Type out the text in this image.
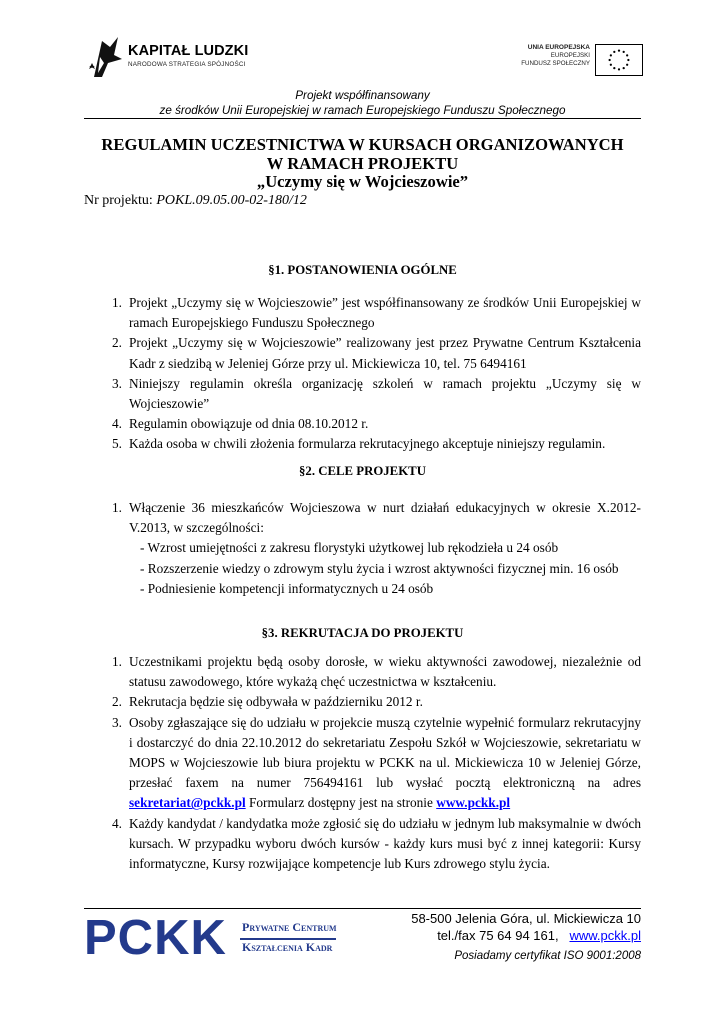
KAPITAŁ LUDZKI
NARODOWA STRATEGIA SPÓJNOŚCI
UNIA EUROPEJSKA
EUROPEJSKI
FUNDUSZ SPOŁECZNY
Projekt współfinansowany
ze środków Unii Europejskiej w ramach Europejskiego Funduszu Społecznego
REGULAMIN UCZESTNICTWA W KURSACH ORGANIZOWANYCH
W RAMACH PROJEKTU
„Uczymy się w Wojcieszowie”
Nr projektu: POKL.09.05.00-02-180/12
§1. POSTANOWIENIA OGÓLNE
1. Projekt „Uczymy się w Wojcieszowie” jest współfinansowany ze środków Unii Europejskiej w ramach Europejskiego Funduszu Społecznego
2. Projekt „Uczymy się w Wojcieszowie” realizowany jest przez Prywatne Centrum Kształcenia Kadr z siedzibą w Jeleniej Górze przy ul. Mickiewicza 10, tel. 75 6494161
3. Niniejszy regulamin określa organizację szkoleń w ramach projektu „Uczymy się w Wojcieszowie”
4. Regulamin obowiązuje od dnia 08.10.2012 r.
5. Każda osoba w chwili złożenia formularza rekrutacyjnego akceptuje niniejszy regulamin.
§2. CELE PROJEKTU
1. Włączenie 36 mieszkańców Wojcieszowa w nurt działań edukacyjnych w okresie X.2012-V.2013, w szczególności:
- Wzrost umiejętności z zakresu florystyki użytkowej lub rękodzieła u 24 osób
- Rozszerzenie wiedzy o zdrowym stylu życia i wzrost aktywności fizycznej min. 16 osób
- Podniesienie kompetencji informatycznych u 24 osób
§3. REKRUTACJA DO PROJEKTU
1. Uczestnikami projektu będą osoby dorosłe, w wieku aktywności zawodowej, niezależnie od statusu zawodowego, które wykażą chęć uczestnictwa w kształceniu.
2. Rekrutacja będzie się odbywała w październiku 2012 r.
3. Osoby zgłaszające się do udziału w projekcie muszą czytelnie wypełnić formularz rekrutacyjny i dostarczyć do dnia 22.10.2012 do sekretariatu Zespołu Szkół w Wojcieszowie, sekretariatu w MOPS w Wojcieszowie lub biura projektu w PCKK na ul. Mickiewicza 10 w Jeleniej Górze, przesłać faxem na numer 756494161 lub wysłać pocztą elektroniczną na adres sekretariat@pckk.pl Formularz dostępny jest na stronie www.pckk.pl
4. Każdy kandydat / kandydatka może zgłosić się do udziału w jednym lub maksymalnie w dwóch kursach. W przypadku wyboru dwóch kursów - każdy kurs musi być z innej kategorii: Kursy informatyczne, Kursy rozwijające kompetencje lub Kurs zdrowego stylu życia.
PCKK Prywatne Centrum
Kształcenia Kadr
58-500 Jelenia Góra, ul. Mickiewicza 10
tel./fax 75 64 94 161, www.pckk.pl
Posiadamy certyfikat ISO 9001:2008
